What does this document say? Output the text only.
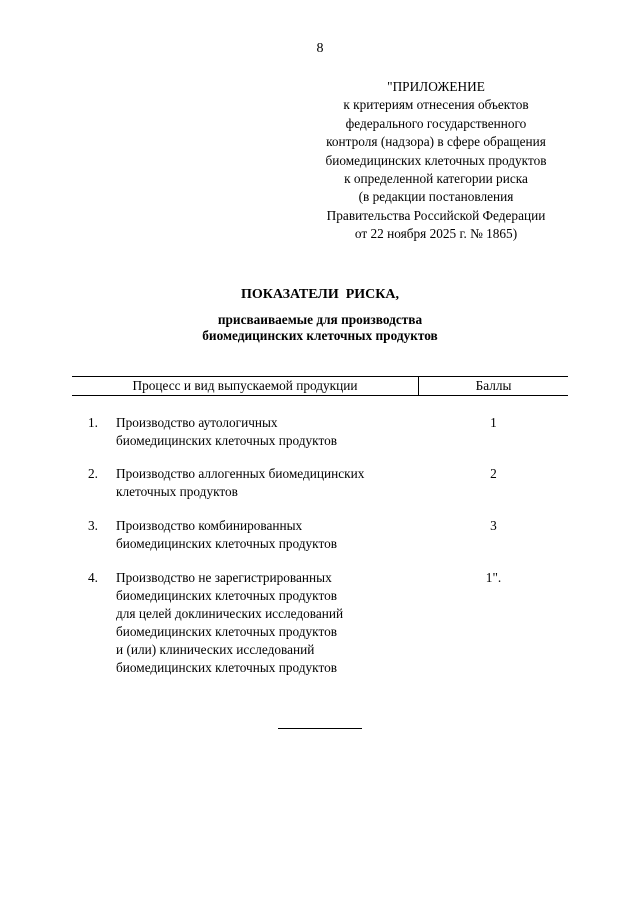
8
"ПРИЛОЖЕНИЕ
к критериям отнесения объектов
федерального государственного
контроля (надзора) в сфере обращения
биомедицинских клеточных продуктов
к определенной категории риска
(в редакции постановления
Правительства Российской Федерации
от 22 ноября 2025 г. № 1865)
ПОКАЗАТЕЛИ  РИСКА,
присваиваемые для производства
биомедицинских клеточных продуктов
Процесс и вид выпускаемой продукции	Баллы
1. Производство аутологичных
биомедицинских клеточных продуктов
1
2. Производство аллогенных биомедицинских
клеточных продуктов
2
3. Производство комбинированных
биомедицинских клеточных продуктов
3
4. Производство не зарегистрированных
биомедицинских клеточных продуктов
для целей доклинических исследований
биомедицинских клеточных продуктов
и (или) клинических исследований
биомедицинских клеточных продуктов
1".
